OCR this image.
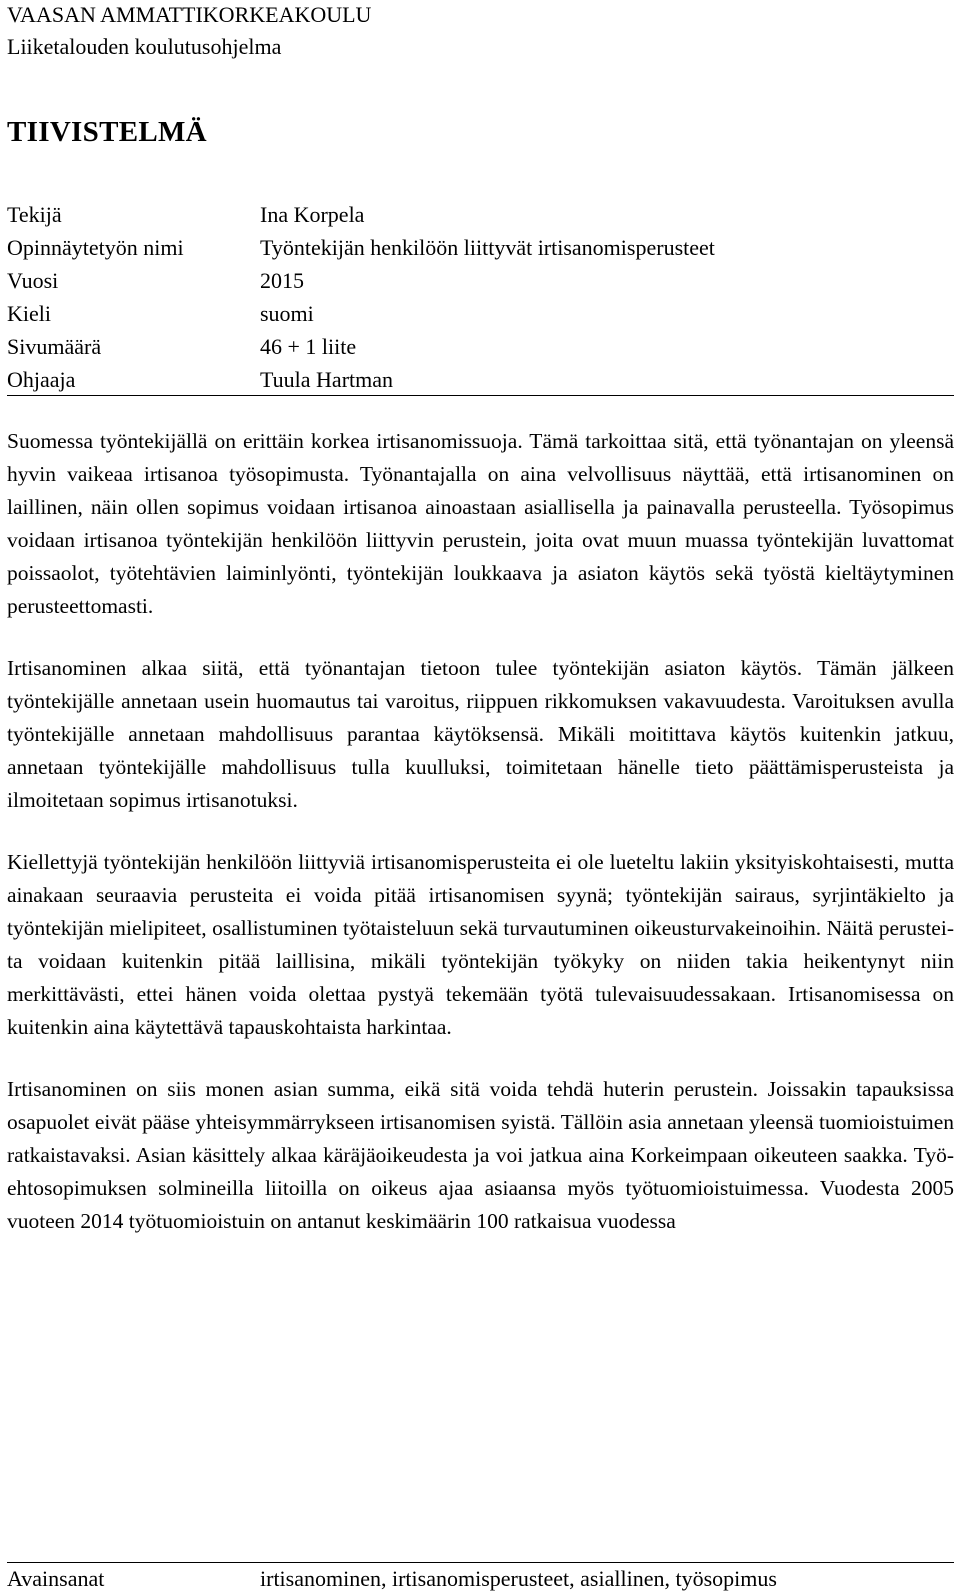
VAASAN AMMATTIKORKEAKOULU
Liiketalouden koulutusohjelma
TIIVISTELMÄ
Tekijä	Ina Korpela
Opinnäytetyön nimi	Työntekijän henkilöön liittyvät irtisanomisperusteet
Vuosi	2015
Kieli	suomi
Sivumäärä	46 + 1 liite
Ohjaaja	Tuula Hartman

Suomessa työntekijällä on erittäin korkea irtisanomissuoja. Tämä tarkoittaa sitä, että työnantajan on yleensä hyvin vaikeaa irtisanoa työsopimusta. Työnantajalla on aina velvollisuus näyttää, että irtisanominen on laillinen, näin ollen sopimus voidaan irtisanoa ainoastaan asiallisella ja painavalla perusteella. Työsopimus voidaan irtisanoa työntekijän henkilöön liittyvin perustein, joita ovat muun muassa työntekijän luvattomat poissaolot, työtehtävien laiminlyönti, työntekijän loukkaava ja asiaton käytös sekä työstä kieltäytyminen perusteettomasti.

Irtisanominen alkaa siitä, että työnantajan tietoon tulee työntekijän asiaton käytös. Tämän jälkeen työntekijälle annetaan usein huomautus tai varoitus, riippuen rikkomuksen vakavuudesta. Varoituksen avulla työntekijälle annetaan mahdollisuus parantaa käytöksensä. Mikäli moitittava käytös kuitenkin jatkuu, annetaan työntekijälle mahdollisuus tulla kuulluksi, toimitetaan hänelle tieto päättämisperusteista ja ilmoitetaan sopimus irtisanotuksi.

Kiellettyjä työntekijän henkilöön liittyviä irtisanomisperusteita ei ole lueteltu lakiin yksityiskohtaisesti, mutta ainakaan seuraavia perusteita ei voida pitää irtisanomisen syynä; työntekijän sairaus, syrjintäkielto ja työntekijän mielipiteet, osallistuminen työtaisteluun sekä turvautuminen oikeusturvakeinoihin. Näitä perusteita voidaan kuitenkin pitää laillisina, mikäli työntekijän työkyky on niiden takia heikentynyt niin merkittävästi, ettei hänen voida olettaa pystyä tekemään työtä tulevaisuudessakaan. Irtisanomisessa on kuitenkin aina käytettävä tapauskohtaista harkintaa.

Irtisanominen on siis monen asian summa, eikä sitä voida tehdä huterin perustein. Joissakin tapauksissa osapuolet eivät pääse yhteisymmärrykseen irtisanomisen syistä. Tällöin asia annetaan yleensä tuomioistuimen ratkaistavaksi. Asian käsittely alkaa käräjäoikeudesta ja voi jatkua aina Korkeimpaan oikeuteen saakka. Työehtosopimuksen solmineilla liitoilla on oikeus ajaa asiaansa myös työtuomioistuimessa. Vuodesta 2005 vuoteen 2014 työtuomioistuin on antanut keskimäärin 100 ratkaisua vuodessa

Avainsanat	irtisanominen, irtisanomisperusteet, asiallinen, työsopimus
